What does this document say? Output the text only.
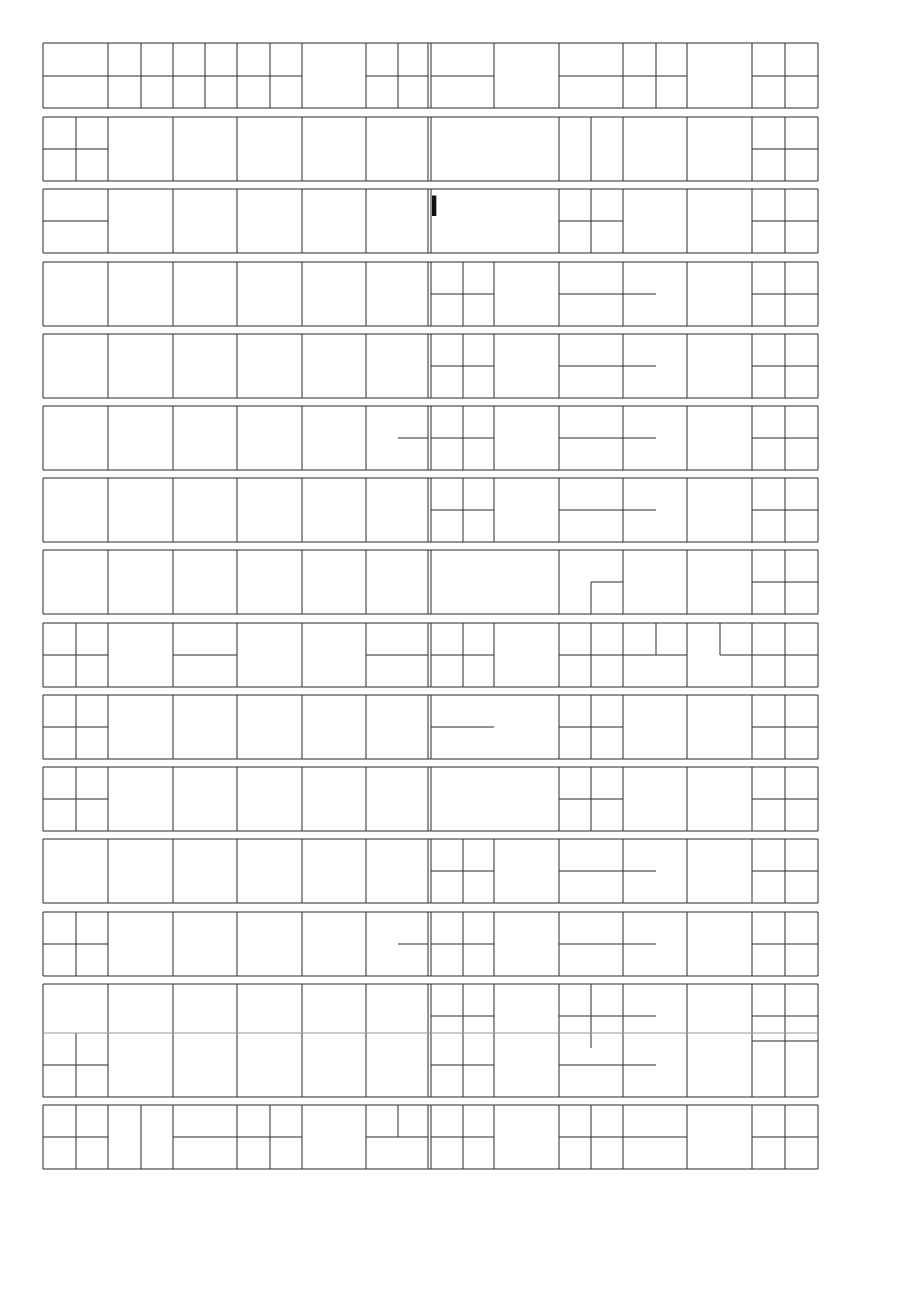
I
